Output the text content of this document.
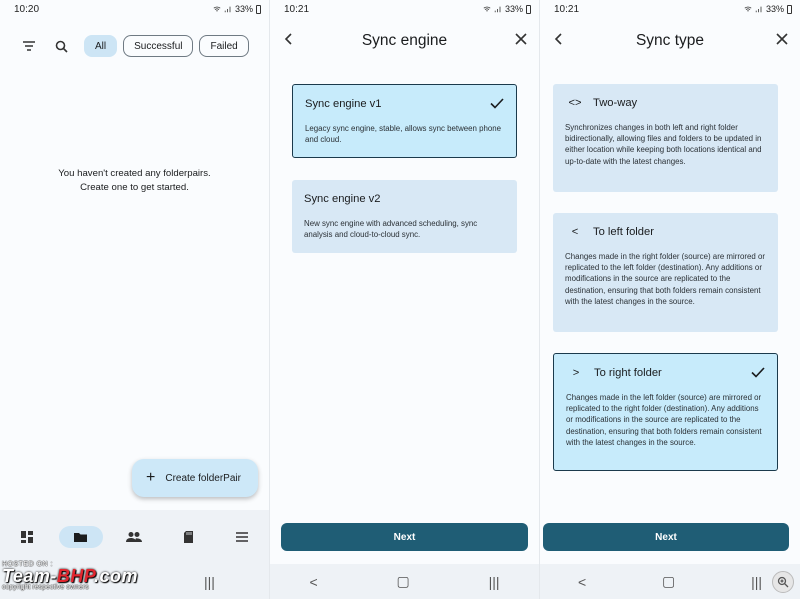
10:20	33%
All	Successful	Failed
You haven't created any folderpairs.
Create one to get started.
+ Create folderPair
|||
HOSTED ON :
Team-BHP.com
copyright respective owners
10:21	33%
Sync engine
Sync engine v1
Legacy sync engine, stable, allows sync between phone and cloud.
Sync engine v2
New sync engine with advanced scheduling, sync analysis and cloud-to-cloud sync.
Next
<	▢	|||
10:21	33%
Sync type
<>	Two-way
Synchronizes changes in both left and right folder bidirectionally, allowing files and folders to be updated in either location while keeping both locations identical and up-to-date with the latest changes.
<	To left folder
Changes made in the right folder (source) are mirrored or replicated to the left folder (destination). Any additions or modifications in the source are replicated to the destination, ensuring that both folders remain consistent with the latest changes in the source.
>	To right folder
Changes made in the left folder (source) are mirrored or replicated to the right folder (destination). Any additions or modifications in the source are replicated to the destination, ensuring that both folders remain consistent with the latest changes in the source.
Next
<	▢	|||
